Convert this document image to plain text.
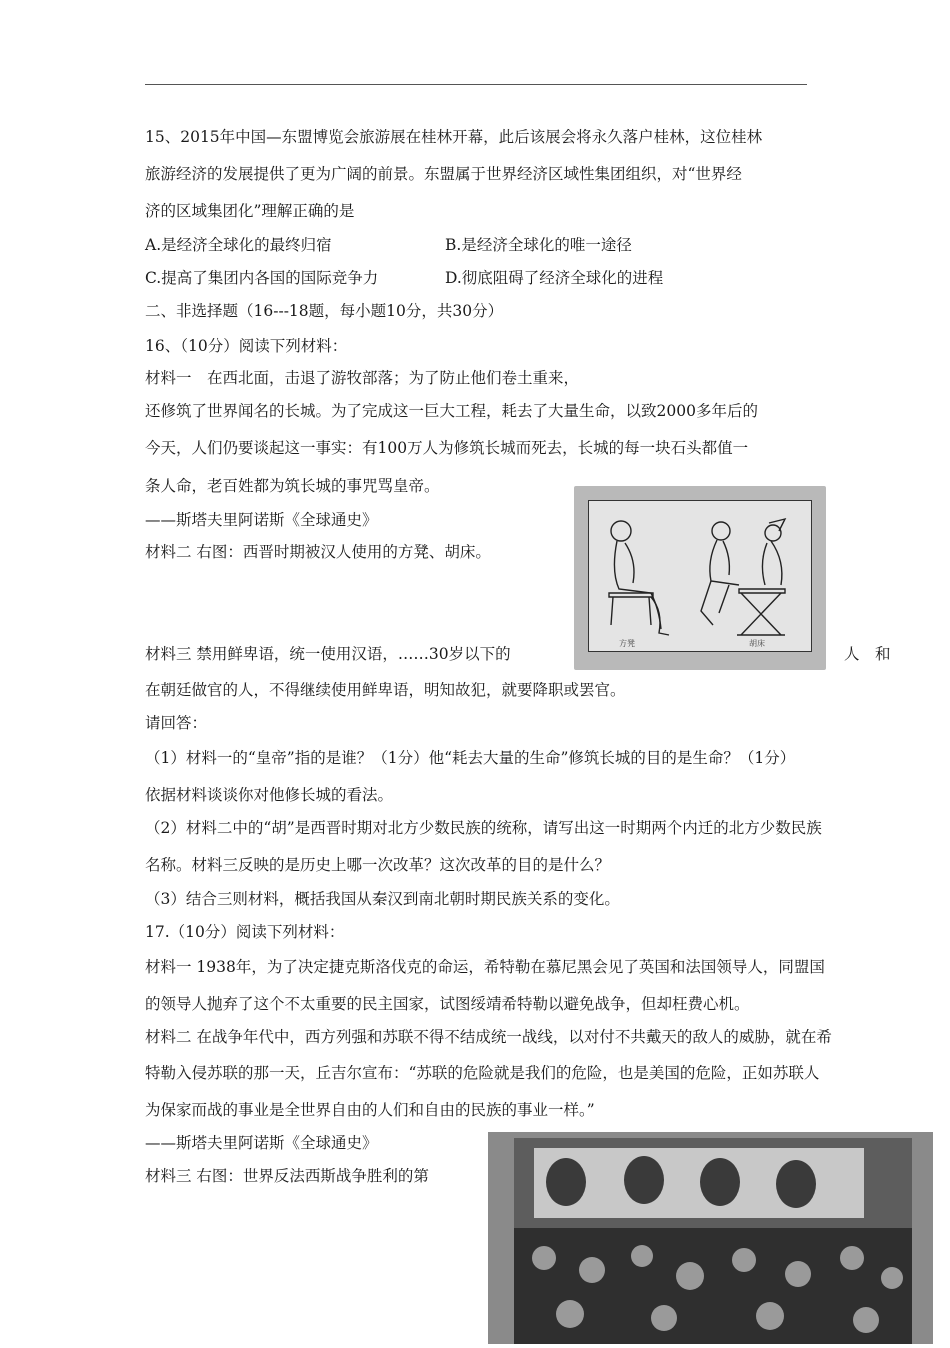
15、2015年中国—东盟博览会旅游展在桂林开幕，此后该展会将永久落户桂林，这位桂林
旅游经济的发展提供了更为广阔的前景。东盟属于世界经济区域性集团组织，对“世界经
济的区域集团化”理解正确的是
A.是经济全球化的最终归宿	B.是经济全球化的唯一途径
C.提高了集团内各国的国际竞争力	D.彻底阻碍了经济全球化的进程
二、非选择题（16---18题，每小题10分，共30分）
16、（10分）阅读下列材料：
材料一　在西北面，击退了游牧部落；为了防止他们卷土重来，
还修筑了世界闻名的长城。为了完成这一巨大工程，耗去了大量生命，以致2000多年后的
今天，人们仍要谈起这一事实：有100万人为修筑长城而死去，长城的每一块石头都值一
条人命，老百姓都为筑长城的事咒骂皇帝。
——斯塔夫里阿诺斯《全球通史》
材料二 右图：西晋时期被汉人使用的方凳、胡床。
方凳	胡床
材料三 禁用鲜卑语，统一使用汉语，……30岁以下的	人 和
在朝廷做官的人，不得继续使用鲜卑语，明知故犯，就要降职或罢官。
请回答：
（1）材料一的“皇帝”指的是谁？（1分）他“耗去大量的生命”修筑长城的目的是生命？（1分）
依据材料谈谈你对他修长城的看法。
（2）材料二中的“胡”是西晋时期对北方少数民族的统称，请写出这一时期两个内迁的北方少数民族
名称。材料三反映的是历史上哪一次改革？这次改革的目的是什么？
（3）结合三则材料，概括我国从秦汉到南北朝时期民族关系的变化。
17.（10分）阅读下列材料：
材料一 1938年，为了决定捷克斯洛伐克的命运，希特勒在慕尼黑会见了英国和法国领导人，同盟国
的领导人抛弃了这个不太重要的民主国家，试图绥靖希特勒以避免战争，但却枉费心机。
材料二 在战争年代中，西方列强和苏联不得不结成统一战线，以对付不共戴天的敌人的威胁，就在希
特勒入侵苏联的那一天，丘吉尔宣布：“苏联的危险就是我们的危险，也是美国的危险，正如苏联人
为保家而战的事业是全世界自由的人们和自由的民族的事业一样。”
——斯塔夫里阿诺斯《全球通史》
材料三 右图：世界反法西斯战争胜利的第
